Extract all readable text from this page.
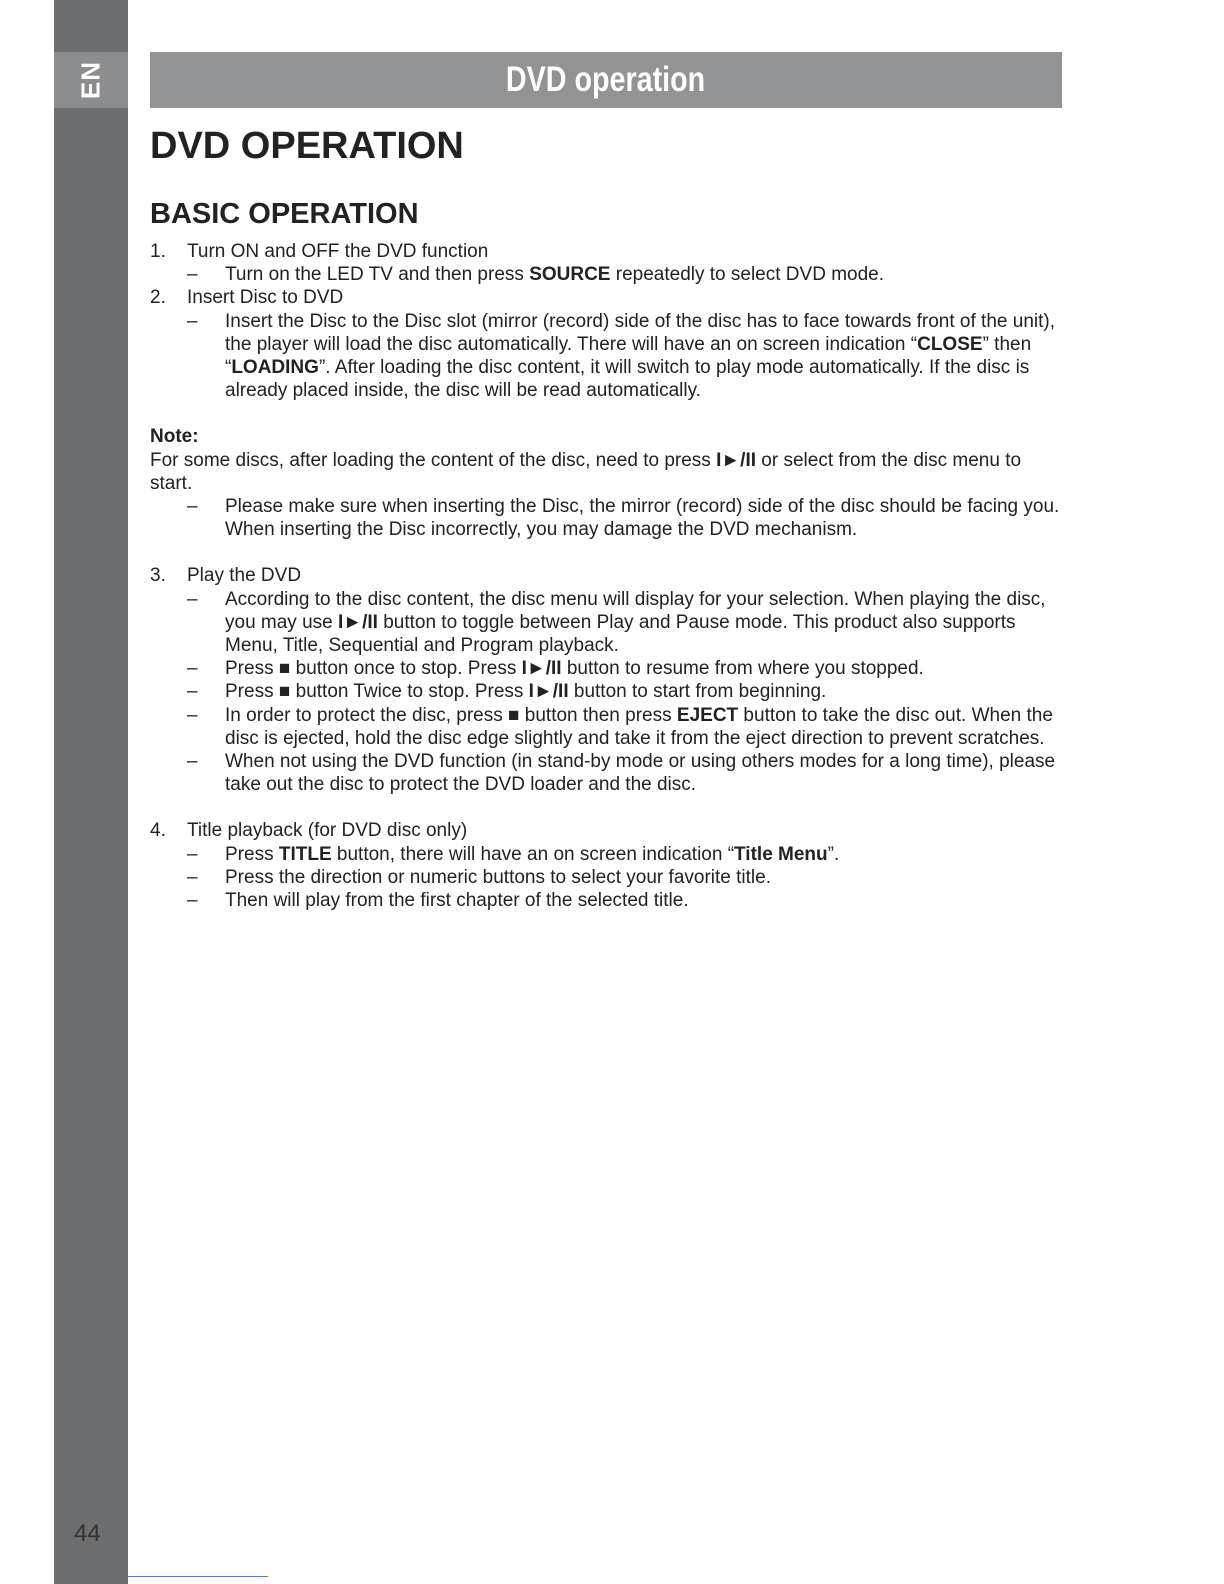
EN
44
DVD operation
DVD OPERATION
BASIC OPERATION
1.	Turn ON and OFF the DVD function
–	Turn on the LED TV and then press SOURCE repeatedly to select DVD mode.
2.	Insert Disc to DVD
–	Insert the Disc to the Disc slot (mirror (record) side of the disc has to face towards front of the unit), the player will load the disc automatically. There will have an on screen indication “CLOSE” then “LOADING”. After loading the disc content, it will switch to play mode automatically. If the disc is already placed inside, the disc will be read automatically.
Note:
For some discs, after loading the content of the disc, need to press I►/II or select from the disc menu to start.
–	Please make sure when inserting the Disc, the mirror (record) side of the disc should be facing you.
When inserting the Disc incorrectly, you may damage the DVD mechanism.
3.	Play the DVD
–	According to the disc content, the disc menu will display for your selection. When playing the disc, you may use I►/II button to toggle between Play and Pause mode. This product also supports Menu, Title, Sequential and Program playback.
–	Press ■ button once to stop. Press I►/II button to resume from where you stopped.
–	Press ■ button Twice to stop. Press I►/II button to start from beginning.
–	In order to protect the disc, press ■ button then press EJECT button to take the disc out. When the disc is ejected, hold the disc edge slightly and take it from the eject direction to prevent scratches.
–	When not using the DVD function (in stand-by mode or using others modes for a long time), please take out the disc to protect the DVD loader and the disc.
4.	Title playback (for DVD disc only)
–	Press TITLE button, there will have an on screen indication “Title Menu”.
–	Press the direction or numeric buttons to select your favorite title.
–	Then will play from the first chapter of the selected title.
